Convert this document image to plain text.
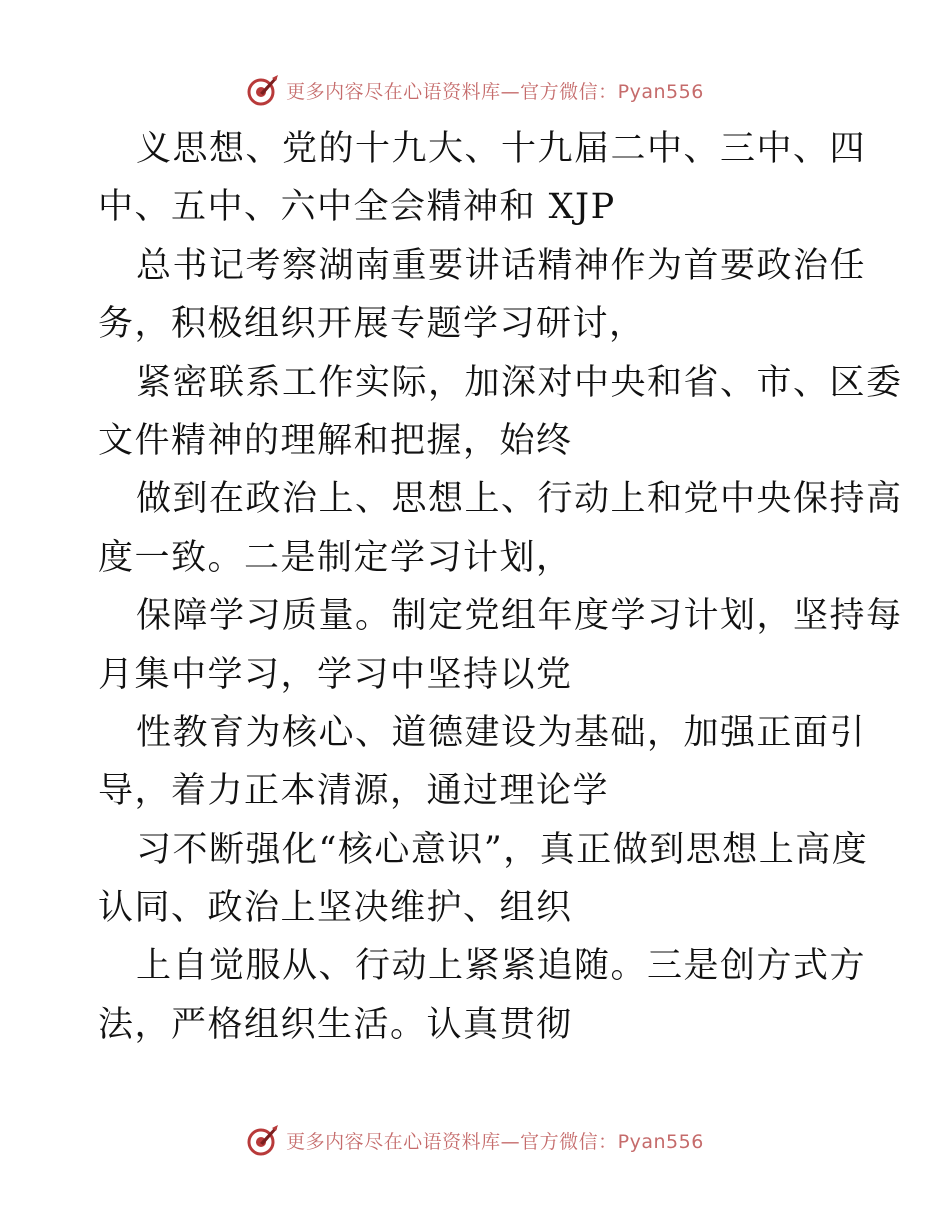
更多内容尽在心语资料库—官方微信：Pyan556
义思想、党的十九大、十九届二中、三中、四
中、五中、六中全会精神和 XJP
总书记考察湖南重要讲话精神作为首要政治任
务，积极组织开展专题学习研讨，
紧密联系工作实际，加深对中央和省、市、区委
文件精神的理解和把握，始终
做到在政治上、思想上、行动上和党中央保持高
度一致。二是制定学习计划，
保障学习质量。制定党组年度学习计划，坚持每
月集中学习，学习中坚持以党
性教育为核心、道德建设为基础，加强正面引
导，着力正本清源，通过理论学
习不断强化“核心意识”，真正做到思想上高度
认同、政治上坚决维护、组织
上自觉服从、行动上紧紧追随。三是创方式方
法，严格组织生活。认真贯彻
更多内容尽在心语资料库—官方微信：Pyan556
